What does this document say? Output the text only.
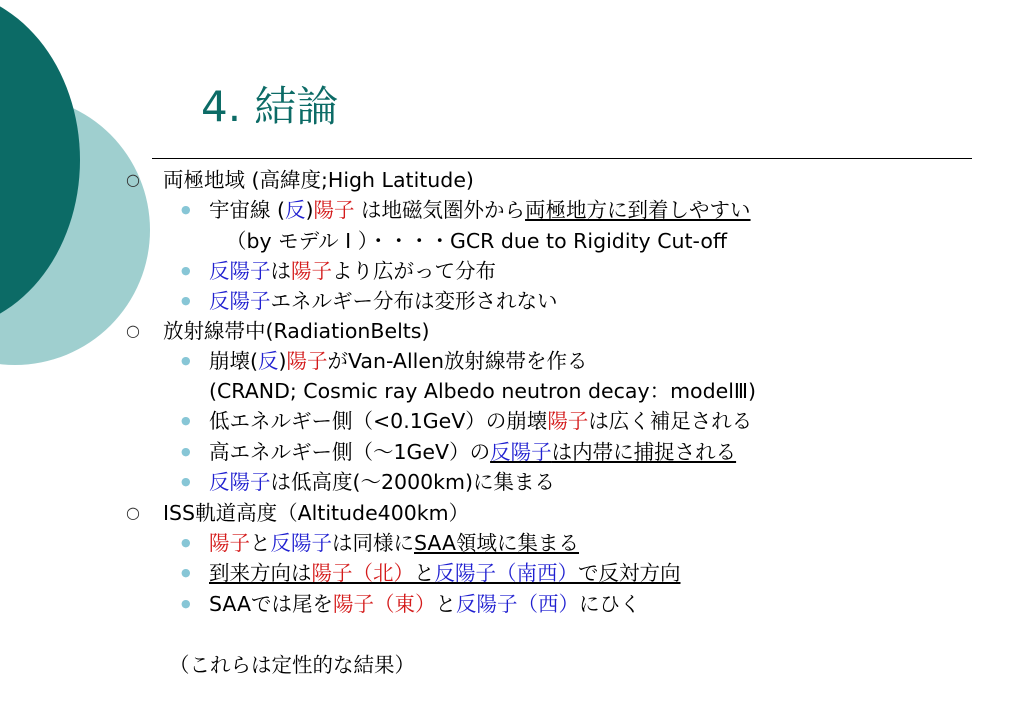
4. 結論
○ 両極地域 (高緯度;High Latitude)
● 宇宙線 (反)陽子 は地磁気圏外から両極地方に到着しやすい
（by モデル I ）・・・・GCR due to Rigidity Cut-off
● 反陽子は陽子より広がって分布
● 反陽子エネルギー分布は変形されない
○ 放射線帯中(RadiationBelts)
● 崩壊(反)陽子がVan-Allen放射線帯を作る
(CRAND; Cosmic ray Albedo neutron decay：modelⅢ)
● 低エネルギー側（<0.1GeV）の崩壊陽子は広く補足される
● 高エネルギー側（～1GeV）の反陽子は内帯に捕捉される
● 反陽子は低高度(～2000km)に集まる
○ ISS軌道高度（Altitude400km）
● 陽子と反陽子は同様にSAA領域に集まる
● 到来方向は陽子（北）と反陽子（南西）で反対方向
● SAAでは尾を陽子（東）と反陽子（西）にひく
（これらは定性的な結果）
